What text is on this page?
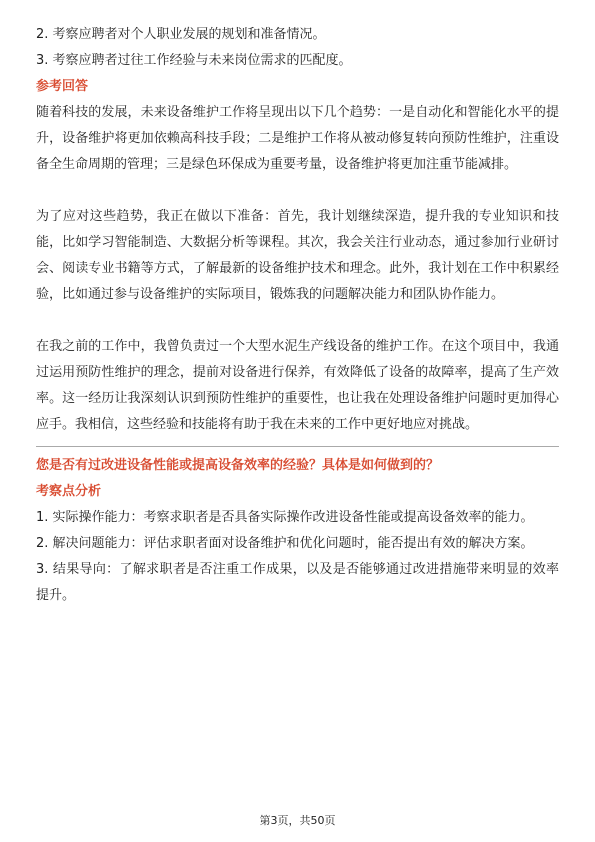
2. 考察应聘者对个人职业发展的规划和准备情况。

3. 考察应聘者过往工作经验与未来岗位需求的匹配度。

参考回答

随着科技的发展，未来设备维护工作将呈现出以下几个趋势：一是自动化和智能化水平的提升，设备维护将更加依赖高科技手段；二是维护工作将从被动修复转向预防性维护，注重设备全生命周期的管理；三是绿色环保成为重要考量，设备维护将更加注重节能减排。

为了应对这些趋势，我正在做以下准备：首先，我计划继续深造，提升我的专业知识和技能，比如学习智能制造、大数据分析等课程。其次，我会关注行业动态，通过参加行业研讨会、阅读专业书籍等方式，了解最新的设备维护技术和理念。此外，我计划在工作中积累经验，比如通过参与设备维护的实际项目，锻炼我的问题解决能力和团队协作能力。

在我之前的工作中，我曾负责过一个大型水泥生产线设备的维护工作。在这个项目中，我通过运用预防性维护的理念，提前对设备进行保养，有效降低了设备的故障率，提高了生产效率。这一经历让我深刻认识到预防性维护的重要性，也让我在处理设备维护问题时更加得心应手。我相信，这些经验和技能将有助于我在未来的工作中更好地应对挑战。

您是否有过改进设备性能或提高设备效率的经验？具体是如何做到的？

考察点分析

1. 实际操作能力：考察求职者是否具备实际操作改进设备性能或提高设备效率的能力。

2. 解决问题能力：评估求职者面对设备维护和优化问题时，能否提出有效的解决方案。

3. 结果导向：了解求职者是否注重工作成果，以及是否能够通过改进措施带来明显的效率提升。

第3页，共50页
